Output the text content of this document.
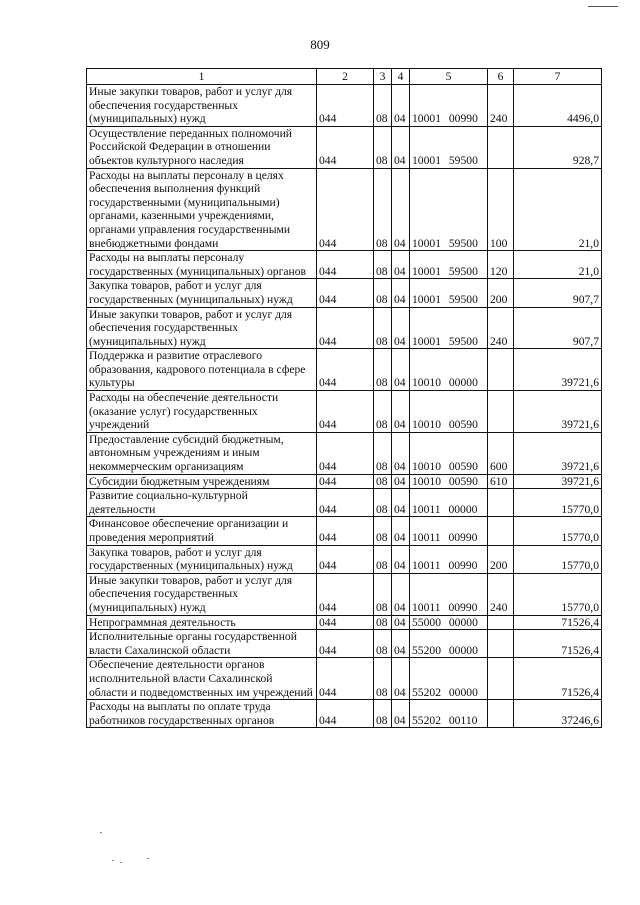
809
1	2	3	4	5	6	7
Иные закупки товаров, работ и услуг для обеспечения государственных (муниципальных) нужд	044	08	04	10001 00990	240	4496,0
Осуществление переданных полномочий Российской Федерации в отношении объектов культурного наследия	044	08	04	10001 59500		928,7
Расходы на выплаты персоналу в целях обеспечения выполнения функций государственными (муниципальными) органами, казенными учреждениями, органами управления государственными внебюджетными фондами	044	08	04	10001 59500	100	21,0
Расходы на выплаты персоналу государственных (муниципальных) органов	044	08	04	10001 59500	120	21,0
Закупка товаров, работ и услуг для государственных (муниципальных) нужд	044	08	04	10001 59500	200	907,7
Иные закупки товаров, работ и услуг для обеспечения государственных (муниципальных) нужд	044	08	04	10001 59500	240	907,7
Поддержка и развитие отраслевого образования, кадрового потенциала в сфере культуры	044	08	04	10010 00000		39721,6
Расходы на обеспечение деятельности (оказание услуг) государственных учреждений	044	08	04	10010 00590		39721,6
Предоставление субсидий бюджетным, автономным учреждениям и иным некоммерческим организациям	044	08	04	10010 00590	600	39721,6
Субсидии бюджетным учреждениям	044	08	04	10010 00590	610	39721,6
Развитие социально-культурной деятельности	044	08	04	10011 00000		15770,0
Финансовое обеспечение организации и проведения мероприятий	044	08	04	10011 00990		15770,0
Закупка товаров, работ и услуг для государственных (муниципальных) нужд	044	08	04	10011 00990	200	15770,0
Иные закупки товаров, работ и услуг для обеспечения государственных (муниципальных) нужд	044	08	04	10011 00990	240	15770,0
Непрограммная деятельность	044	08	04	55000 00000		71526,4
Исполнительные органы государственной власти Сахалинской области	044	08	04	55200 00000		71526,4
Обеспечение деятельности органов исполнительной власти Сахалинской области и подведомственных им учреждений	044	08	04	55202 00000		71526,4
Расходы на выплаты по оплате труда работников государственных органов	044	08	04	55202 00110		37246,6
